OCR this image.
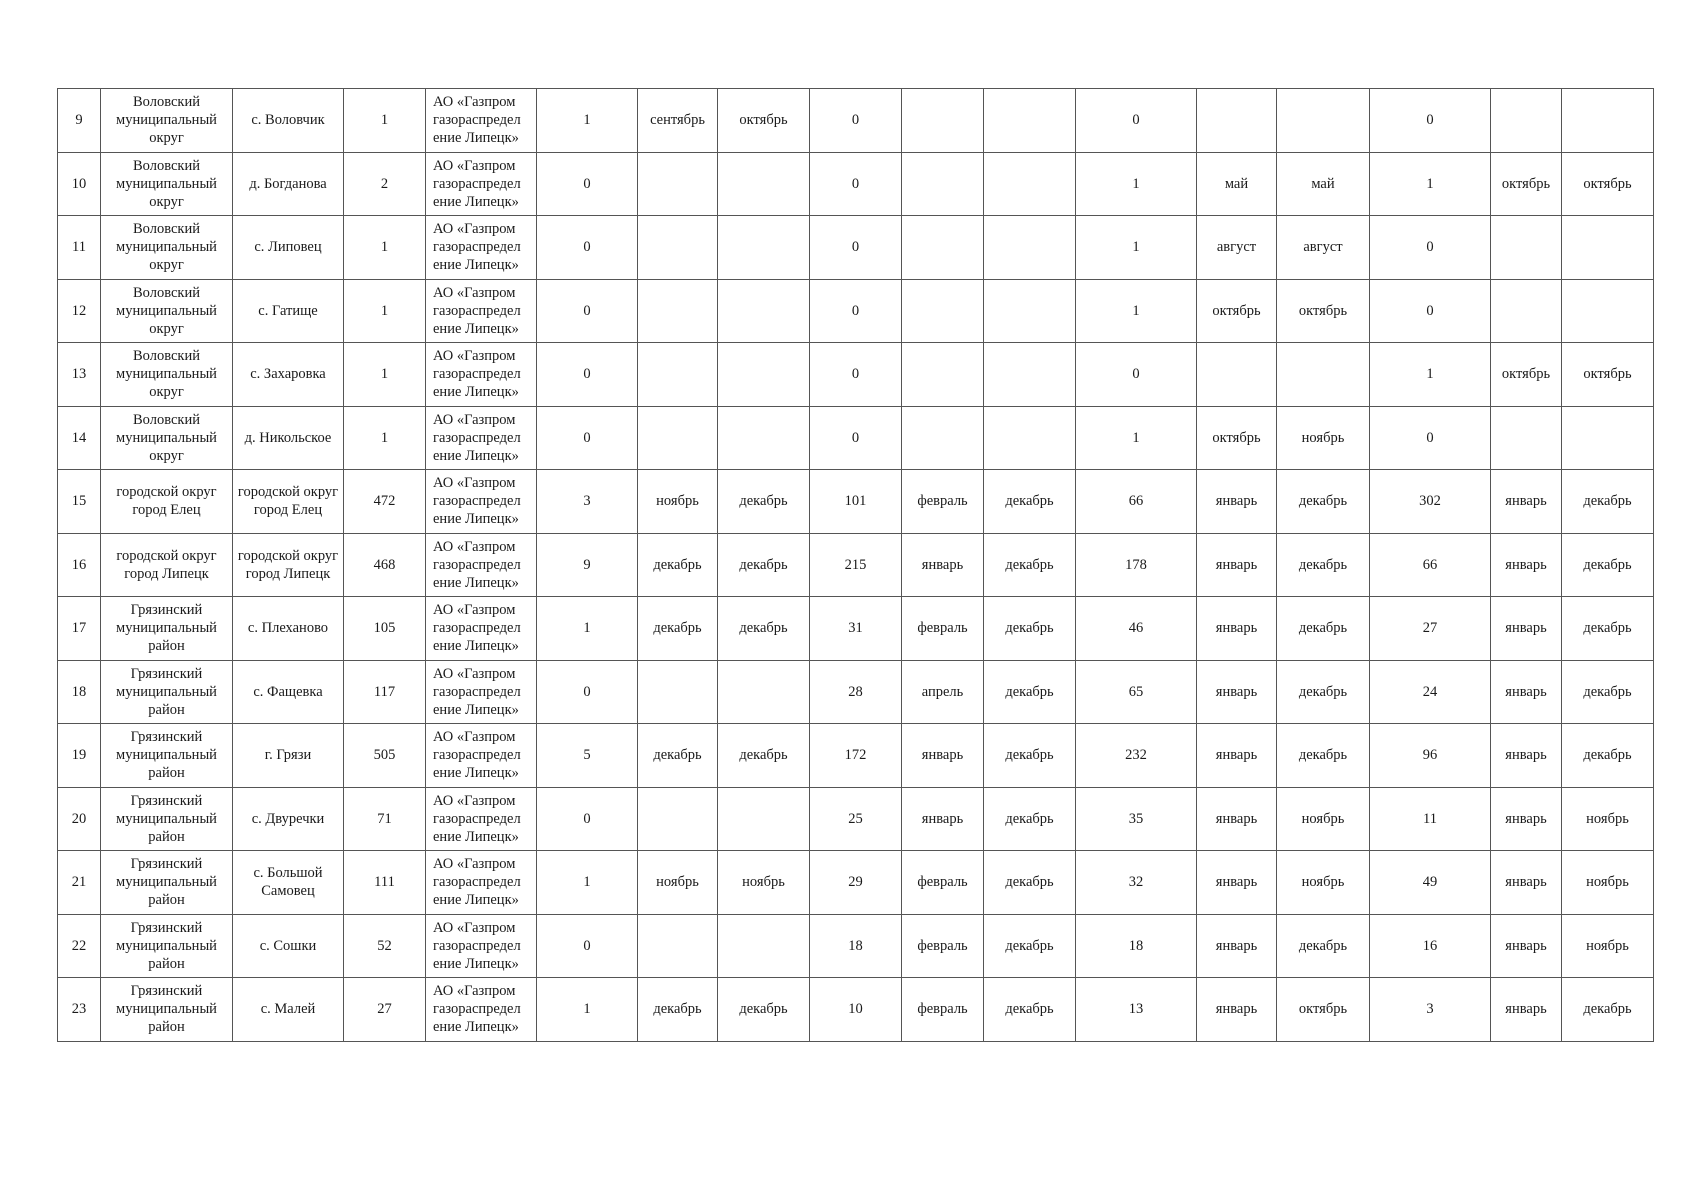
9	Воловский муниципальный округ	с. Воловчик	1	АО «Газпром газораспредел ение Липецк»	1	сентябрь	октябрь	0			0			0		
10	Воловский муниципальный округ	д. Богданова	2	АО «Газпром газораспредел ение Липецк»	0			0			1	май	май	1	октябрь	октябрь
11	Воловский муниципальный округ	с. Липовец	1	АО «Газпром газораспредел ение Липецк»	0			0			1	август	август	0		
12	Воловский муниципальный округ	с. Гатище	1	АО «Газпром газораспредел ение Липецк»	0			0			1	октябрь	октябрь	0		
13	Воловский муниципальный округ	с. Захаровка	1	АО «Газпром газораспредел ение Липецк»	0			0			0			1	октябрь	октябрь
14	Воловский муниципальный округ	д. Никольское	1	АО «Газпром газораспредел ение Липецк»	0			0			1	октябрь	ноябрь	0		
15	городской округ город Елец	городской округ город Елец	472	АО «Газпром газораспредел ение Липецк»	3	ноябрь	декабрь	101	февраль	декабрь	66	январь	декабрь	302	январь	декабрь
16	городской округ город Липецк	городской округ город Липецк	468	АО «Газпром газораспредел ение Липецк»	9	декабрь	декабрь	215	январь	декабрь	178	январь	декабрь	66	январь	декабрь
17	Грязинский муниципальный район	с. Плеханово	105	АО «Газпром газораспредел ение Липецк»	1	декабрь	декабрь	31	февраль	декабрь	46	январь	декабрь	27	январь	декабрь
18	Грязинский муниципальный район	с. Фащевка	117	АО «Газпром газораспредел ение Липецк»	0			28	апрель	декабрь	65	январь	декабрь	24	январь	декабрь
19	Грязинский муниципальный район	г. Грязи	505	АО «Газпром газораспредел ение Липецк»	5	декабрь	декабрь	172	январь	декабрь	232	январь	декабрь	96	январь	декабрь
20	Грязинский муниципальный район	с. Двуречки	71	АО «Газпром газораспредел ение Липецк»	0			25	январь	декабрь	35	январь	ноябрь	11	январь	ноябрь
21	Грязинский муниципальный район	с. Большой Самовец	111	АО «Газпром газораспредел ение Липецк»	1	ноябрь	ноябрь	29	февраль	декабрь	32	январь	ноябрь	49	январь	ноябрь
22	Грязинский муниципальный район	с. Сошки	52	АО «Газпром газораспредел ение Липецк»	0			18	февраль	декабрь	18	январь	декабрь	16	январь	ноябрь
23	Грязинский муниципальный район	с. Малей	27	АО «Газпром газораспредел ение Липецк»	1	декабрь	декабрь	10	февраль	декабрь	13	январь	октябрь	3	январь	декабрь
